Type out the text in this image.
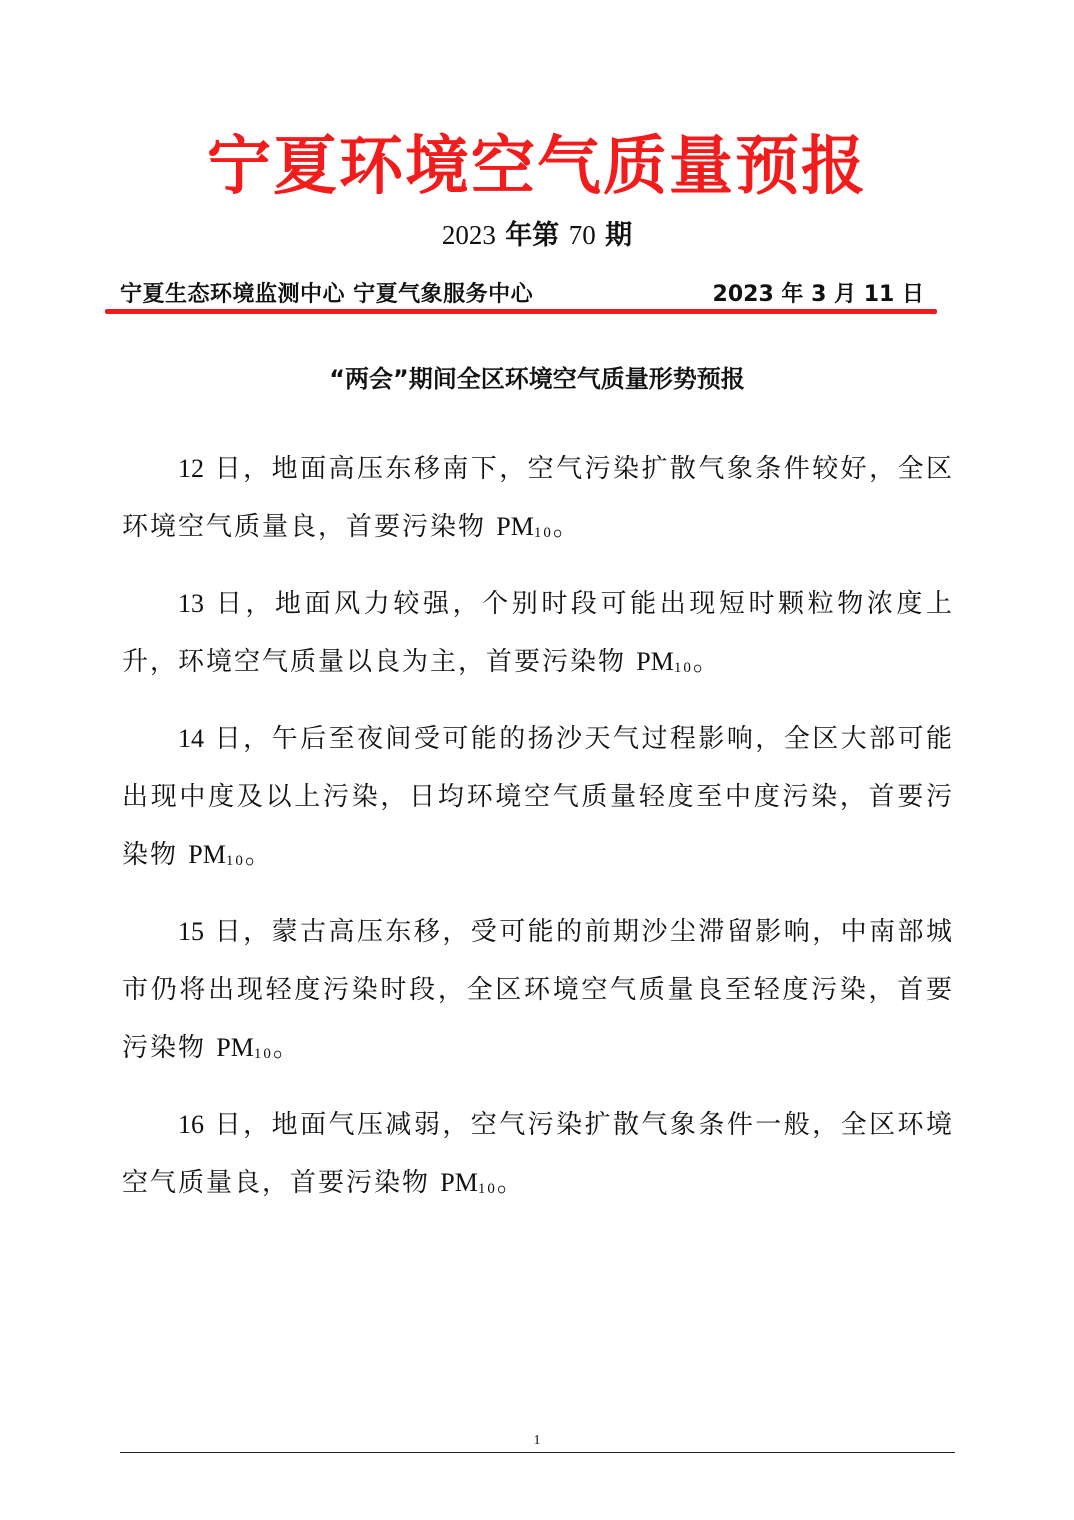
宁夏环境空气质量预报
2023 年第 70 期
宁夏生态环境监测中心 宁夏气象服务中心	2023 年 3 月 11 日
“两会”期间全区环境空气质量形势预报

12 日，地面高压东移南下，空气污染扩散气象条件较好，全区环境空气质量良，首要污染物 $PM_{10}$。

13 日，地面风力较强，个别时段可能出现短时颗粒物浓度上升，环境空气质量以良为主，首要污染物 $PM_{10}$。

14 日，午后至夜间受可能的扬沙天气过程影响，全区大部可能出现中度及以上污染，日均环境空气质量轻度至中度污染，首要污染物 $PM_{10}$。

15 日，蒙古高压东移，受可能的前期沙尘滞留影响，中南部城市仍将出现轻度污染时段，全区环境空气质量良至轻度污染，首要污染物 $PM_{10}$。

16 日，地面气压减弱，空气污染扩散气象条件一般，全区环境空气质量良，首要污染物 $PM_{10}$。

1
